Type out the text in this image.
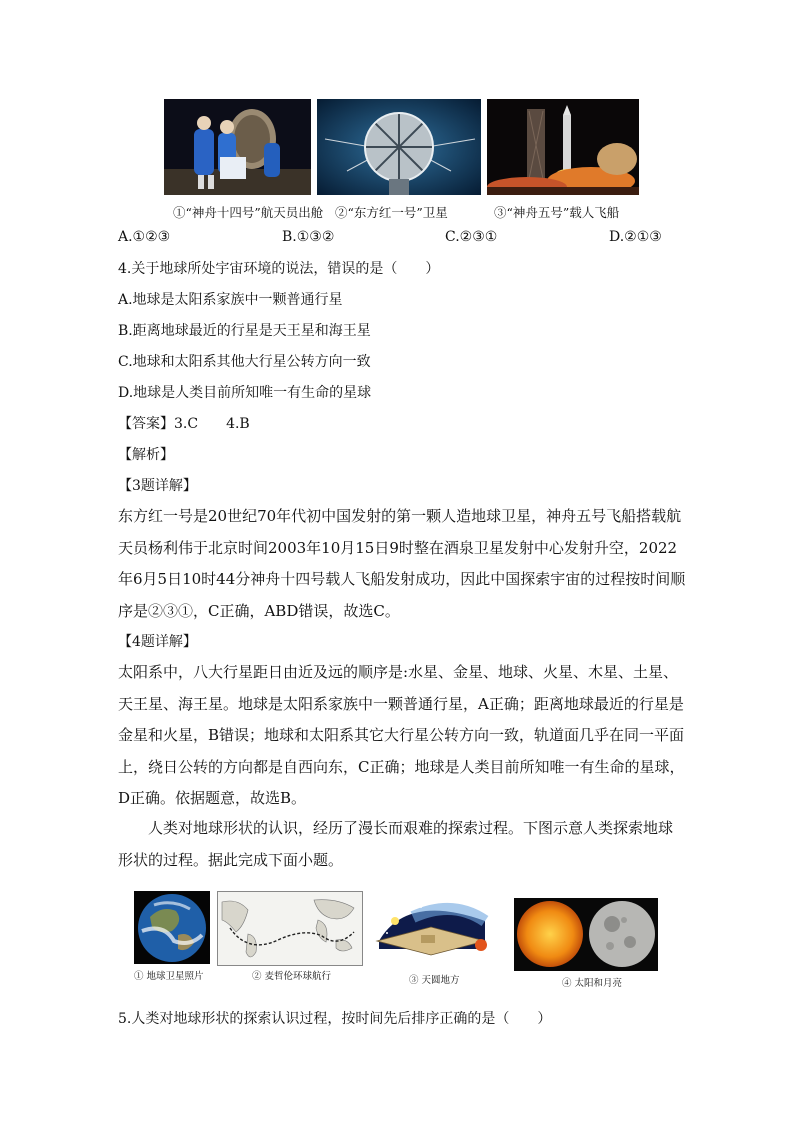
①“神舟十四号”航天员出舱 ②“东方红一号”卫星	③“神舟五号”载人飞船
A.①②③	B.①③②	C.②③①	D.②①③
4.关于地球所处宇宙环境的说法，错误的是（　　）
A.地球是太阳系家族中一颗普通行星
B.距离地球最近的行星是天王星和海王星
C.地球和太阳系其他大行星公转方向一致
D.地球是人类目前所知唯一有生命的星球
【答案】3.C　　4.B
【解析】
【3题详解】
东方红一号是20世纪70年代初中国发射的第一颗人造地球卫星，神舟五号飞船搭载航天员杨利伟于北京时间2003年10月15日9时整在酒泉卫星发射中心发射升空，2022年6月5日10时44分神舟十四号载人飞船发射成功，因此中国探索宇宙的过程按时间顺序是②③①，C正确，ABD错误，故选C。
【4题详解】
太阳系中，八大行星距日由近及远的顺序是:水星、金星、地球、火星、木星、土星、天王星、海王星。地球是太阳系家族中一颗普通行星，A正确；距离地球最近的行星是金星和火星，B错误；地球和太阳系其它大行星公转方向一致，轨道面几乎在同一平面上，绕日公转的方向都是自西向东，C正确；地球是人类目前所知唯一有生命的星球，D正确。依据题意，故选B。
人类对地球形状的认识，经历了漫长而艰难的探索过程。下图示意人类探索地球形状的过程。据此完成下面小题。
① 地球卫星照片	② 麦哲伦环球航行	③ 天圆地方	④ 太阳和月亮
5.人类对地球形状的探索认识过程，按时间先后排序正确的是（　　）
